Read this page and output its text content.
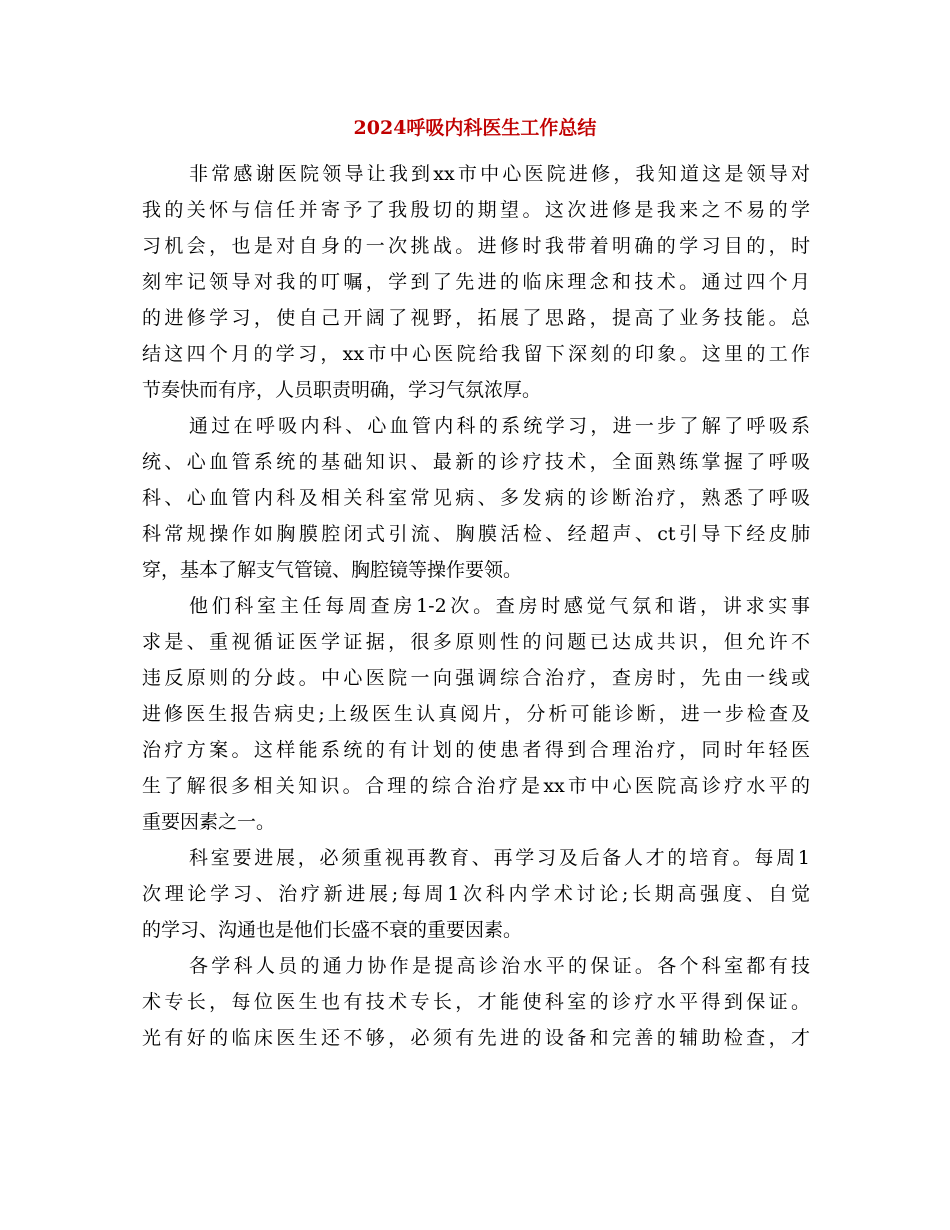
2024呼吸内科医生工作总结
非常感谢医院领导让我到xx市中心医院进修，我知道这是领导对
我的关怀与信任并寄予了我殷切的期望。这次进修是我来之不易的学
习机会，也是对自身的一次挑战。进修时我带着明确的学习目的，时
刻牢记领导对我的叮嘱，学到了先进的临床理念和技术。通过四个月
的进修学习，使自己开阔了视野，拓展了思路，提高了业务技能。总
结这四个月的学习，xx市中心医院给我留下深刻的印象。这里的工作
节奏快而有序，人员职责明确，学习气氛浓厚。
通过在呼吸内科、心血管内科的系统学习，进一步了解了呼吸系
统、心血管系统的基础知识、最新的诊疗技术，全面熟练掌握了呼吸
科、心血管内科及相关科室常见病、多发病的诊断治疗，熟悉了呼吸
科常规操作如胸膜腔闭式引流、胸膜活检、经超声、ct引导下经皮肺
穿，基本了解支气管镜、胸腔镜等操作要领。
他们科室主任每周查房1-2次。查房时感觉气氛和谐，讲求实事
求是、重视循证医学证据，很多原则性的问题已达成共识，但允许不
违反原则的分歧。中心医院一向强调综合治疗，查房时，先由一线或
进修医生报告病史;上级医生认真阅片，分析可能诊断，进一步检查及
治疗方案。这样能系统的有计划的使患者得到合理治疗，同时年轻医
生了解很多相关知识。合理的综合治疗是xx市中心医院高诊疗水平的
重要因素之一。
科室要进展，必须重视再教育、再学习及后备人才的培育。每周1
次理论学习、治疗新进展;每周1次科内学术讨论;长期高强度、自觉
的学习、沟通也是他们长盛不衰的重要因素。
各学科人员的通力协作是提高诊治水平的保证。各个科室都有技
术专长，每位医生也有技术专长，才能使科室的诊疗水平得到保证。
光有好的临床医生还不够，必须有先进的设备和完善的辅助检查，才
